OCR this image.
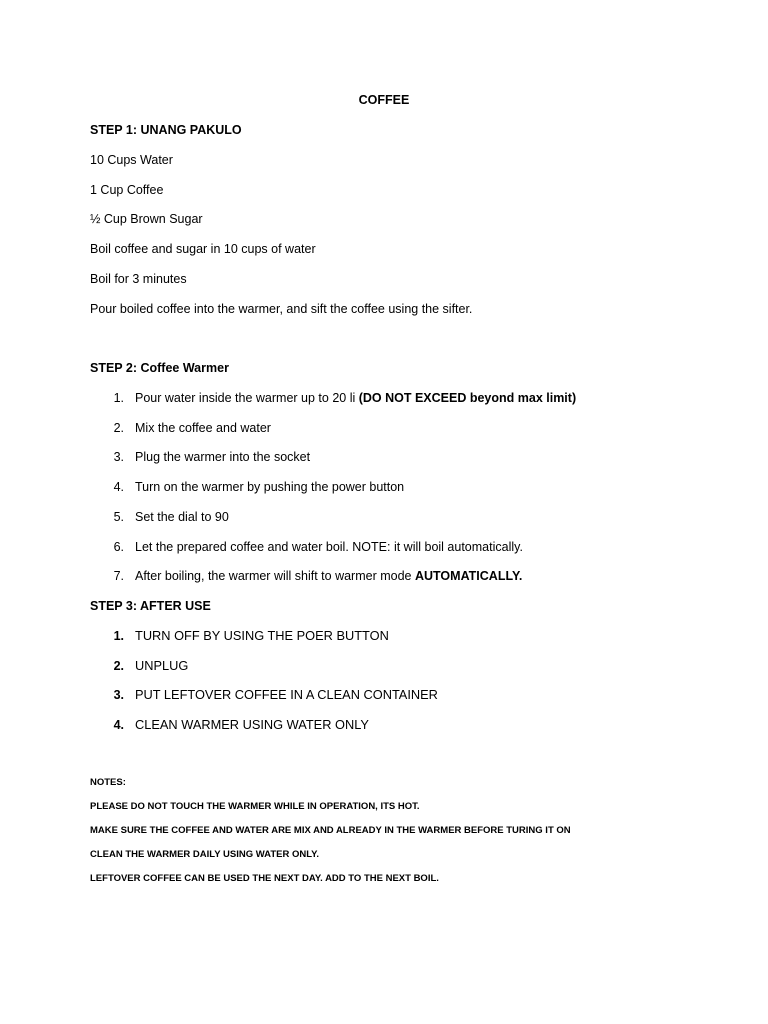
COFFEE
STEP 1: UNANG PAKULO
10 Cups Water
1 Cup Coffee
½ Cup Brown Sugar
Boil coffee and sugar in 10 cups of water
Boil for 3 minutes
Pour boiled coffee into the warmer, and sift the coffee using the sifter.
STEP 2: Coffee Warmer
1. Pour water inside the warmer up to 20 li (DO NOT EXCEED beyond max limit)
2. Mix the coffee and water
3. Plug the warmer into the socket
4. Turn on the warmer by pushing the power button
5. Set the dial to 90
6. Let the prepared coffee and water boil. NOTE: it will boil automatically.
7. After boiling, the warmer will shift to warmer mode AUTOMATICALLY.
STEP 3: AFTER USE
1. TURN OFF BY USING THE POER BUTTON
2. UNPLUG
3. PUT LEFTOVER COFFEE IN A CLEAN CONTAINER
4. CLEAN WARMER USING WATER ONLY
NOTES:
PLEASE DO NOT TOUCH THE WARMER WHILE IN OPERATION, ITS HOT.
MAKE SURE THE COFFEE AND WATER ARE MIX AND ALREADY IN THE WARMER BEFORE TURING IT ON
CLEAN THE WARMER DAILY USING WATER ONLY.
LEFTOVER COFFEE CAN BE USED THE NEXT DAY. ADD TO THE NEXT BOIL.
